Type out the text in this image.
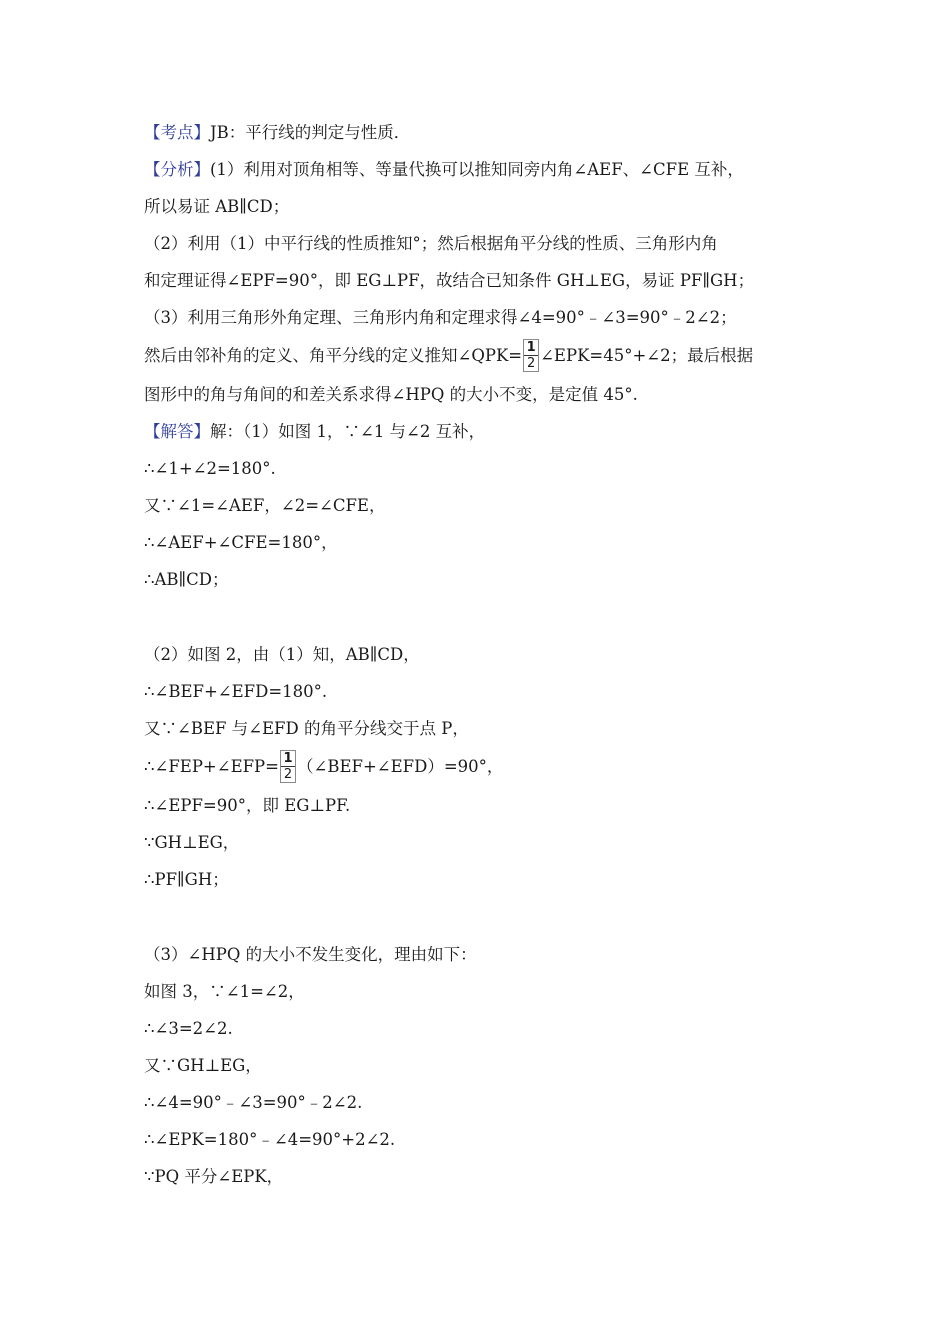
【考点】JB：平行线的判定与性质．
【分析】(1）利用对顶角相等、等量代换可以推知同旁内角∠AEF、∠CFE 互补，
所以易证 AB∥CD；
（2）利用（1）中平行线的性质推知°；然后根据角平分线的性质、三角形内角
和定理证得∠EPF=90°，即 EG⊥PF，故结合已知条件 GH⊥EG，易证 PF∥GH；
（3）利用三角形外角定理、三角形内角和定理求得∠4=90°﹣∠3=90°﹣2∠2；
然后由邻补角的定义、角平分线的定义推知∠QPK= $\frac{1}{2}$ ∠EPK=45°+∠2；最后根据
图形中的角与角间的和差关系求得∠HPQ 的大小不变，是定值 45°.
【解答】解：（1）如图 1，∵∠1 与∠2 互补，
∴∠1+∠2=180°.
又∵∠1=∠AEF，∠2=∠CFE，
∴∠AEF+∠CFE=180°，
∴AB∥CD；
（2）如图 2，由（1）知，AB∥CD，
∴∠BEF+∠EFD=180°.
又∵∠BEF 与∠EFD 的角平分线交于点 P，
∴∠FEP+∠EFP= $\frac{1}{2}$ （∠BEF+∠EFD）=90°，
∴∠EPF=90°，即 EG⊥PF.
∵GH⊥EG，
∴PF∥GH；
（3）∠HPQ 的大小不发生变化，理由如下：
如图 3，∵∠1=∠2，
∴∠3=2∠2.
又∵GH⊥EG，
∴∠4=90°﹣∠3=90°﹣2∠2.
∴∠EPK=180°﹣∠4=90°+2∠2.
∵PQ 平分∠EPK，
